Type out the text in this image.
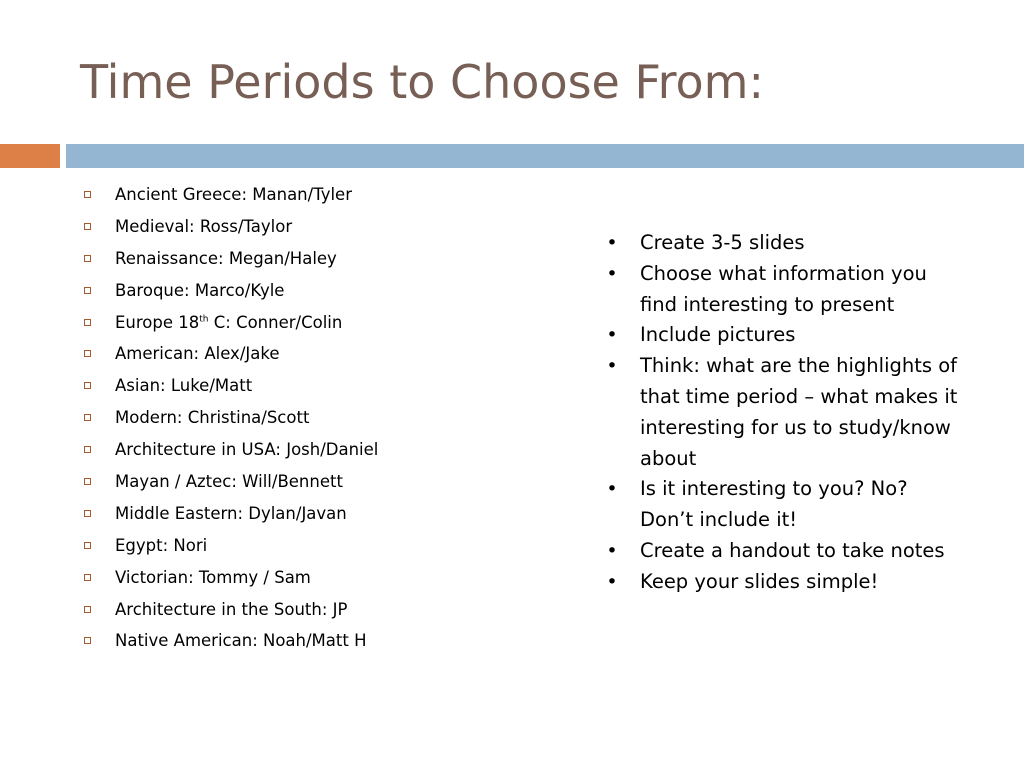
Time Periods to Choose From:
Ancient Greece: Manan/Tyler
Medieval: Ross/Taylor
Renaissance: Megan/Haley
Baroque: Marco/Kyle
Europe 18th C: Conner/Colin
American: Alex/Jake
Asian: Luke/Matt
Modern: Christina/Scott
Architecture in USA: Josh/Daniel
Mayan / Aztec: Will/Bennett
Middle Eastern: Dylan/Javan
Egypt: Nori
Victorian: Tommy / Sam
Architecture in the South: JP
Native American: Noah/Matt H
• Create 3-5 slides
• Choose what information you find interesting to present
• Include pictures
• Think: what are the highlights of that time period – what makes it interesting for us to study/know about
• Is it interesting to you? No? Don’t include it!
• Create a handout to take notes
• Keep your slides simple!
